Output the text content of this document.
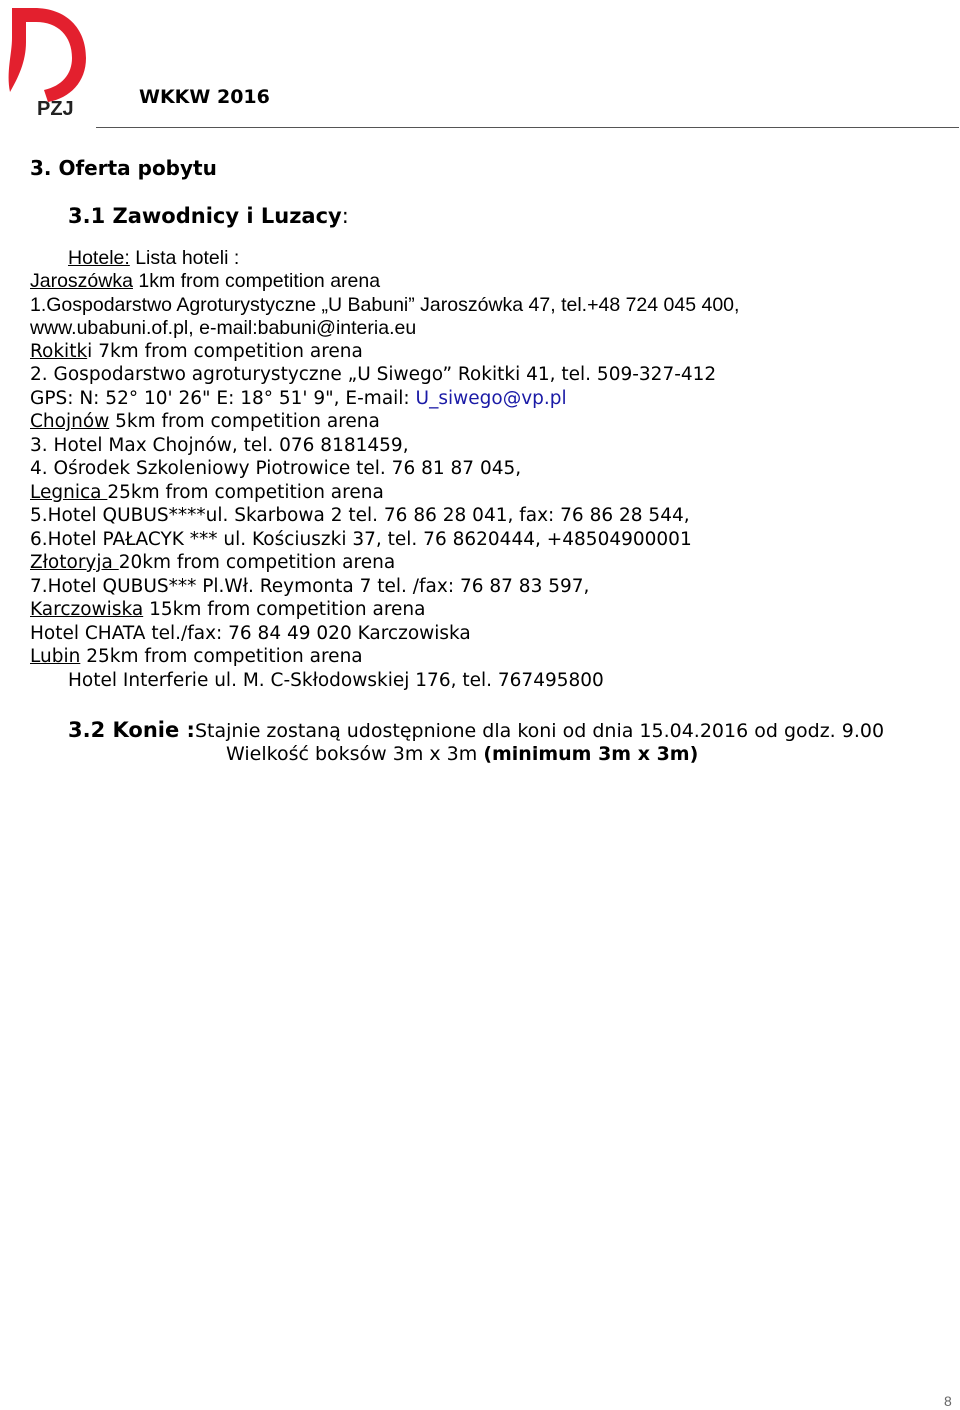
PZJ
WKKW 2016
3. Oferta pobytu
3.1 Zawodnicy i Luzacy:
Hotele: Lista hoteli :
Jaroszówka 1km from competition arena
1.Gospodarstwo Agroturystyczne „U Babuni” Jaroszówka 47, tel.+48 724 045 400,
www.ubabuni.of.pl, e-mail:babuni@interia.eu
Rokitki 7km from competition arena
2. Gospodarstwo agroturystyczne „U Siwego” Rokitki 41, tel. 509-327-412
GPS: N: 52° 10' 26" E: 18° 51' 9", E-mail: U_siwego@vp.pl
Chojnów 5km from competition arena
3. Hotel Max Chojnów, tel. 076 8181459,
4. Ośrodek Szkoleniowy Piotrowice tel. 76 81 87 045,
Legnica 25km from competition arena
5.Hotel QUBUS****ul. Skarbowa 2 tel. 76 86 28 041, fax: 76 86 28 544,
6.Hotel PAŁACYK *** ul. Kościuszki 37, tel. 76 8620444, +48504900001
Złotoryja 20km from competition arena
7.Hotel QUBUS*** Pl.Wł. Reymonta 7 tel. /fax: 76 87 83 597,
Karczowiska 15km from competition arena
Hotel CHATA tel./fax: 76 84 49 020 Karczowiska
Lubin 25km from competition arena
Hotel Interferie ul. M. C-Skłodowskiej 176, tel. 767495800
3.2 Konie :Stajnie zostaną udostępnione dla koni od dnia 15.04.2016 od godz. 9.00
Wielkość boksów 3m x 3m (minimum 3m x 3m)
8
